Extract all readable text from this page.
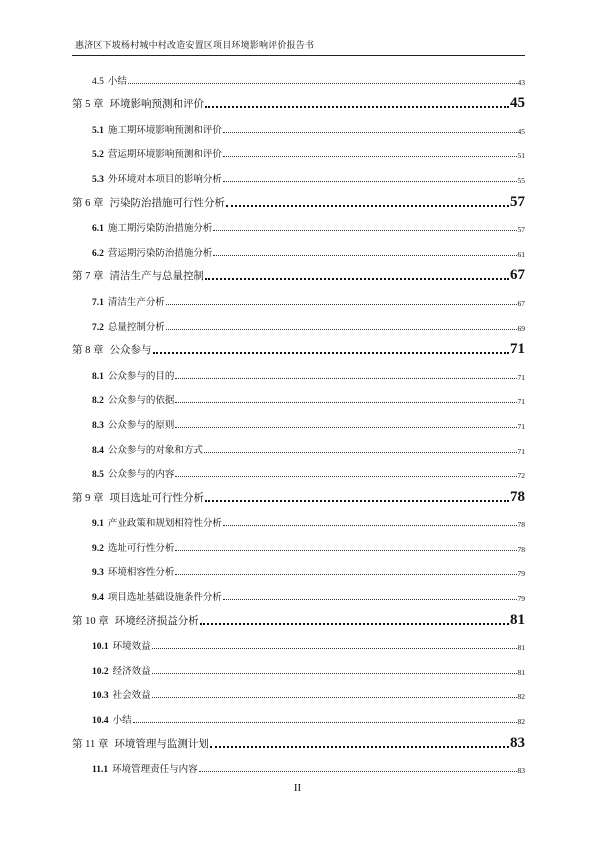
惠济区下坡杨村城中村改造安置区项目环境影响评价报告书
4.5 小结	43
第 5 章 环境影响预测和评价	45
5.1 施工期环境影响预测和评价	45
5.2 营运期环境影响预测和评价	51
5.3 外环境对本项目的影响分析	55
第 6 章 污染防治措施可行性分析	57
6.1 施工期污染防治措施分析	57
6.2 营运期污染防治措施分析	61
第 7 章 清洁生产与总量控制	67
7.1 清洁生产分析	67
7.2 总量控制分析	69
第 8 章 公众参与	71
8.1 公众参与的目的	71
8.2 公众参与的依据	71
8.3 公众参与的原则	71
8.4 公众参与的对象和方式	71
8.5 公众参与的内容	72
第 9 章 项目选址可行性分析	78
9.1 产业政策和规划相符性分析	78
9.2 选址可行性分析	78
9.3 环境相容性分析	79
9.4 项目选址基础设施条件分析	79
第 10 章 环境经济损益分析	81
10.1 环境效益	81
10.2 经济效益	81
10.3 社会效益	82
10.4 小结	82
第 11 章 环境管理与监测计划	83
11.1 环境管理责任与内容	83
II
